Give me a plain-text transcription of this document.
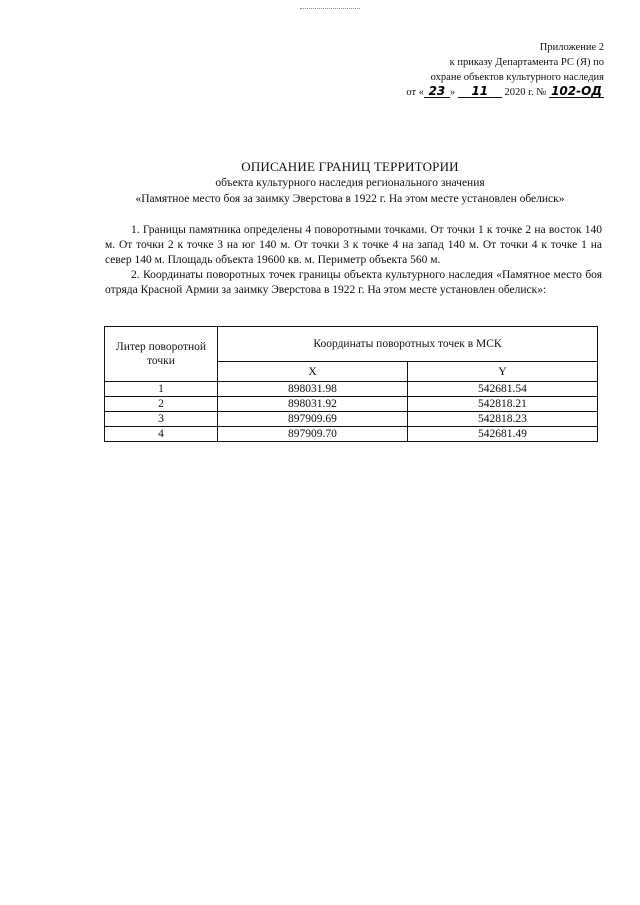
Приложение 2
к приказу Департамента РС (Я) по
охране объектов культурного наследия
от « 23 » 11 2020 г. № 102-ОД
ОПИСАНИЕ ГРАНИЦ ТЕРРИТОРИИ
объекта культурного наследия регионального значения
«Памятное место боя за заимку Эверстова в 1922 г. На этом месте установлен обелиск»

1. Границы памятника определены 4 поворотными точками. От точки 1 к точке 2 на восток 140 м. От точки 2 к точке 3 на юг 140 м. От точки 3 к точке 4 на запад 140 м. От точки 4 к точке 1 на север 140 м. Площадь объекта 19600 кв. м. Периметр объекта 560 м.

2. Координаты поворотных точек границы объекта культурного наследия «Памятное место боя отряда Красной Армии за заимку Эверстова в 1922 г. На этом месте установлен обелиск»:

Литер поворотной точки	Координаты поворотных точек в МСК	
	X	Y
1	898031.98	542681.54
2	898031.92	542818.21
3	897909.69	542818.23
4	897909.70	542681.49
